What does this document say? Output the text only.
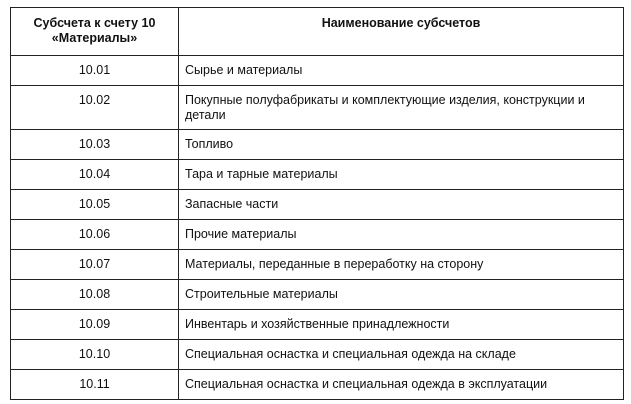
Субсчета к счету 10 «Материалы»	Наименование субсчетов
10.01	Сырье и материалы
10.02	Покупные полуфабрикаты и комплектующие изделия, конструкции и детали
10.03	Топливо
10.04	Тара и тарные материалы
10.05	Запасные части
10.06	Прочие материалы
10.07	Материалы, переданные в переработку на сторону
10.08	Строительные материалы
10.09	Инвентарь и хозяйственные принадлежности
10.10	Специальная оснастка и специальная одежда на складе
10.11	Специальная оснастка и специальная одежда в эксплуатации
